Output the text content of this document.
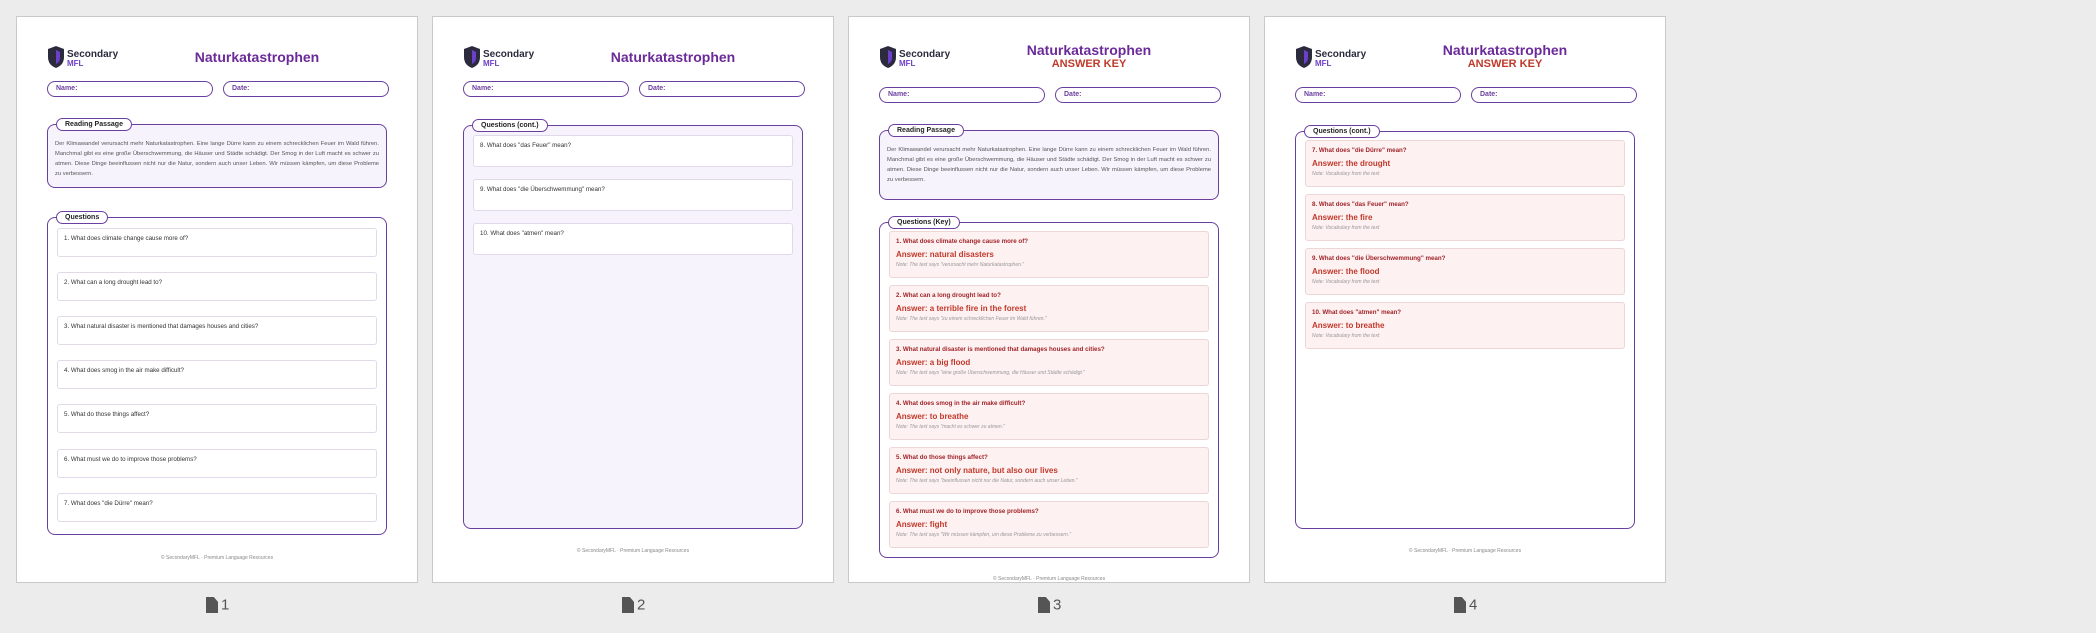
Secondary
MFL	Naturkatastrophen
Name:	Date:
Reading Passage
Der Klimawandel verursacht mehr Naturkatastrophen. Eine lange Dürre kann zu einem schrecklichen Feuer im Wald führen. Manchmal gibt es eine große Überschwemmung, die Häuser und Städte schädigt. Der Smog in der Luft macht es schwer zu atmen. Diese Dinge beeinflussen nicht nur die Natur, sondern auch unser Leben. Wir müssen kämpfen, um diese Probleme zu verbessern.
Questions
1. What does climate change cause more of?
2. What can a long drought lead to?
3. What natural disaster is mentioned that damages houses and cities?
4. What does smog in the air make difficult?
5. What do those things affect?
6. What must we do to improve those problems?
7. What does "die Dürre" mean?
© SecondaryMFL · Premium Language Resources
1
Secondary
MFL	Naturkatastrophen
Name:	Date:
Questions (cont.)
8. What does "das Feuer" mean?
9. What does "die Überschwemmung" mean?
10. What does "atmen" mean?
© SecondaryMFL · Premium Language Resources
2
Secondary
MFL
Naturkatastrophen
ANSWER KEY
Name:	Date:
Reading Passage
Der Klimawandel verursacht mehr Naturkatastrophen. Eine lange Dürre kann zu einem schrecklichen Feuer im Wald führen. Manchmal gibt es eine große Überschwemmung, die Häuser und Städte schädigt. Der Smog in der Luft macht es schwer zu atmen. Diese Dinge beeinflussen nicht nur die Natur, sondern auch unser Leben. Wir müssen kämpfen, um diese Probleme zu verbessern.
Questions (Key)
1. What does climate change cause more of?
Answer: natural disasters
Note: The text says "verursacht mehr Naturkatastrophen."
2. What can a long drought lead to?
Answer: a terrible fire in the forest
Note: The text says "zu einem schrecklichen Feuer im Wald führen."
3. What natural disaster is mentioned that damages houses and cities?
Answer: a big flood
Note: The text says "eine große Überschwemmung, die Häuser und Städte schädigt."
4. What does smog in the air make difficult?
Answer: to breathe
Note: The text says "macht es schwer zu atmen."
5. What do those things affect?
Answer: not only nature, but also our lives
Note: The text says "beeinflussen nicht nur die Natur, sondern auch unser Leben."
6. What must we do to improve those problems?
Answer: fight
Note: The text says "Wir müssen kämpfen, um diese Probleme zu verbessern."
© SecondaryMFL · Premium Language Resources
3
Secondary
MFL
Naturkatastrophen
ANSWER KEY
Name:	Date:
Questions (cont.)
7. What does "die Dürre" mean?
Answer: the drought
Note: Vocabulary from the text
8. What does "das Feuer" mean?
Answer: the fire
Note: Vocabulary from the text
9. What does "die Überschwemmung" mean?
Answer: the flood
Note: Vocabulary from the text
10. What does "atmen" mean?
Answer: to breathe
Note: Vocabulary from the text
© SecondaryMFL · Premium Language Resources
4
